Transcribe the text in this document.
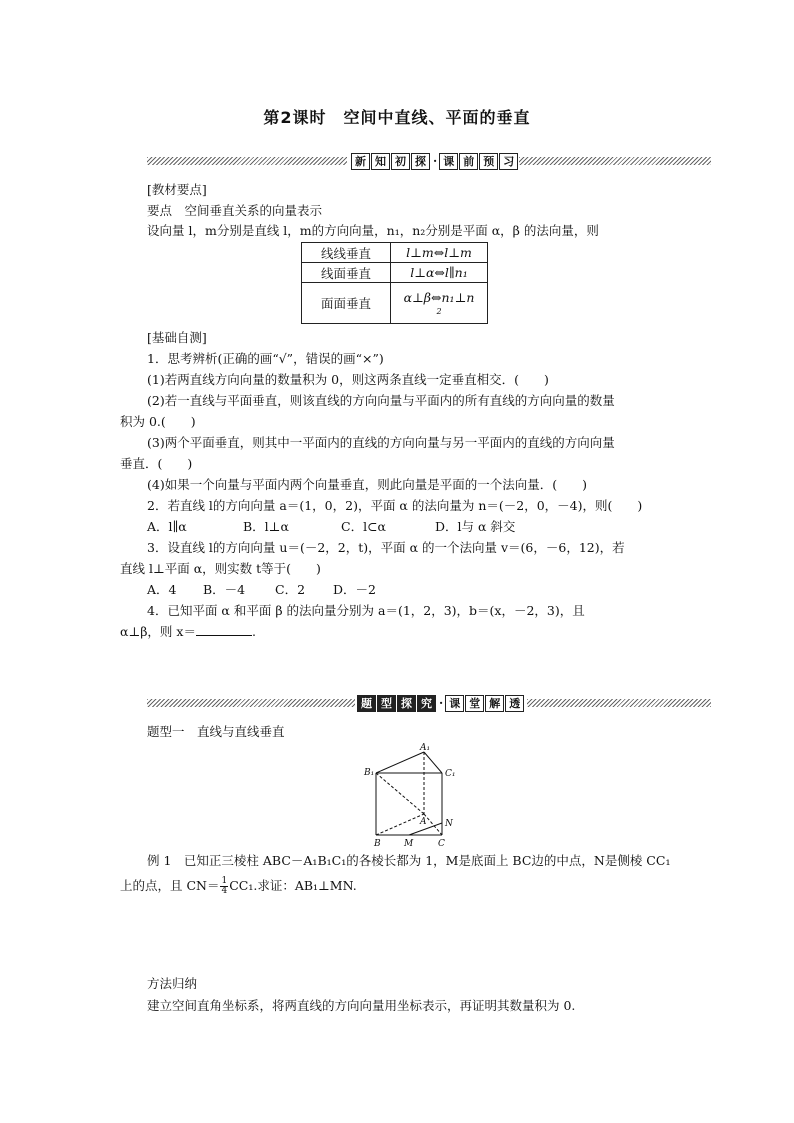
第2课时　空间中直线、平面的垂直
新 知 初 探 · 课 前 预 习
[教材要点]
要点　空间垂直关系的向量表示
设向量 l，m分别是直线 l，m的方向向量，n₁，n₂分别是平面 α，β 的法向量，则
线线垂直	l⊥m⇔l⊥m
线面垂直	l⊥α⇔l∥n₁
面面垂直	α⊥β⇔n₁⊥n
2
[基础自测]
1．思考辨析(正确的画“√”，错误的画“×”)
(1)若两直线方向向量的数量积为 0，则这两条直线一定垂直相交．(　　)
(2)若一直线与平面垂直，则该直线的方向向量与平面内的所有直线的方向向量的数量
积为 0.(　　)
(3)两个平面垂直，则其中一平面内的直线的方向向量与另一平面内的直线的方向向量
垂直．(　　)
(4)如果一个向量与平面内两个向量垂直，则此向量是平面的一个法向量．(　　)
2．若直线 l的方向向量 a＝(1，0，2)，平面 α 的法向量为 n＝(－2，0，－4)，则(　　)
A．l∥α	B．l⊥α	C．l⊂α	D．l与 α 斜交
3．设直线 l的方向向量 u＝(－2，2，t)，平面 α 的一个法向量 v＝(6，－6，12)，若
直线 l⊥平面 α，则实数 t等于(　　)
A．4 B．－4 C．2 D．－2
4．已知平面 α 和平面 β 的法向量分别为 a＝(1，2，3)，b＝(x，－2，3)，且
α⊥β，则 x＝	.
题 型 探 究 · 课 堂 解 透
题型一　直线与直线垂直
A₁
B₁	C₁
A
B	C
M
N
例 1　已知正三棱柱 ABC－A₁B₁C₁的各棱长都为 1，M是底面上 BC边的中点，N是侧棱 CC₁
上的点，且 $CN= \frac{1}{4} CC_1$.求证：AB₁⊥MN.
方法归纳
建立空间直角坐标系，将两直线的方向向量用坐标表示，再证明其数量积为 0.
